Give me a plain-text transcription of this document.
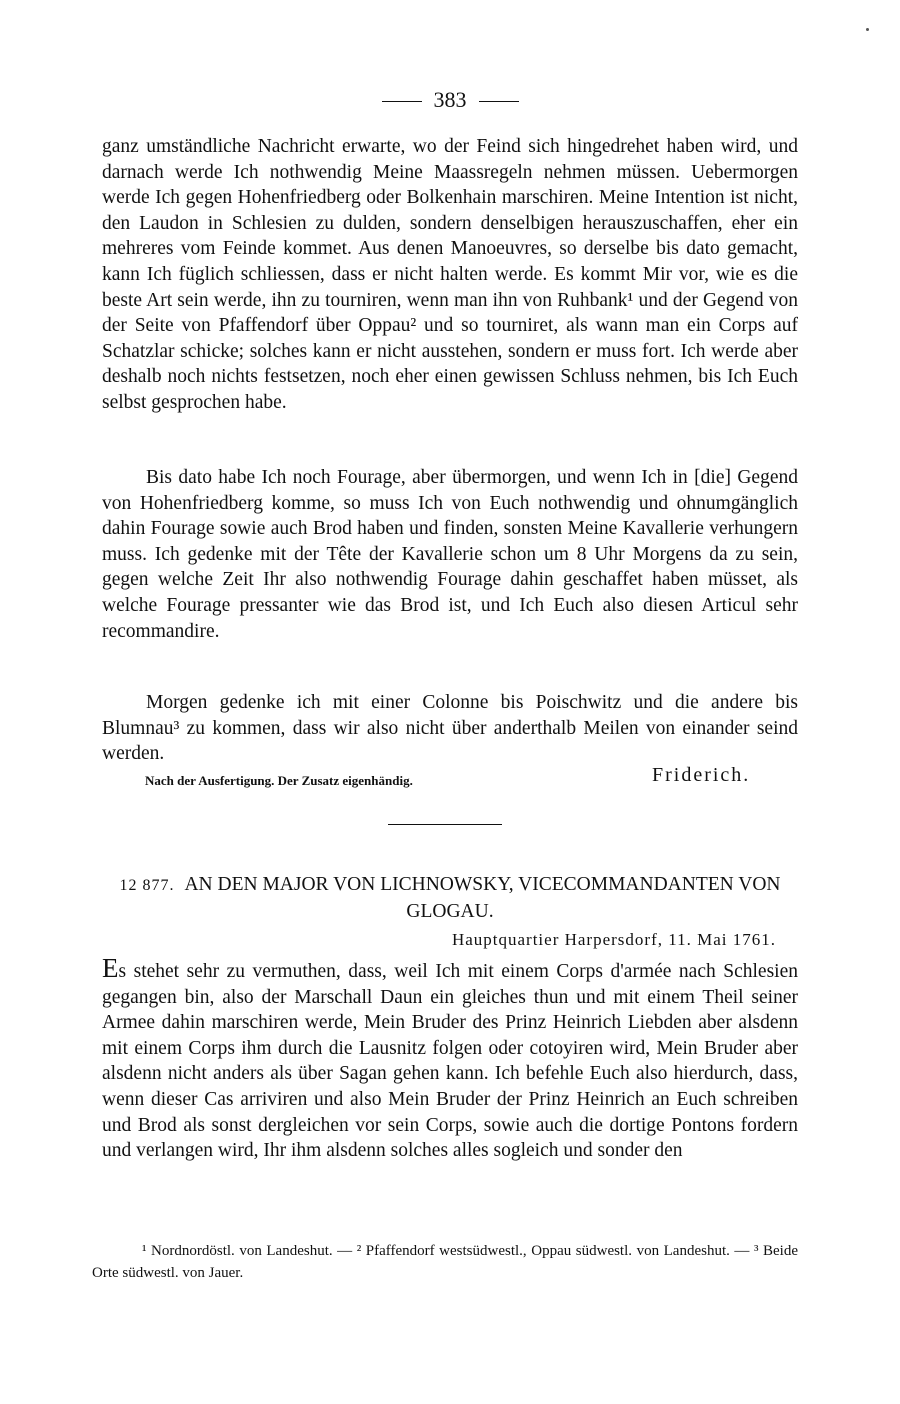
383

ganz umständliche Nachricht erwarte, wo der Feind sich hingedrehet haben wird, und darnach werde Ich nothwendig Meine Maassregeln nehmen müssen. Uebermorgen werde Ich gegen Hohenfriedberg oder Bolkenhain marschiren. Meine Intention ist nicht, den Laudon in Schlesien zu dulden, sondern denselbigen herauszuschaffen, eher ein mehreres vom Feinde kommet. Aus denen Manoeuvres, so derselbe bis dato gemacht, kann Ich füglich schliessen, dass er nicht halten werde. Es kommt Mir vor, wie es die beste Art sein werde, ihn zu tourniren, wenn man ihn von Ruhbank¹ und der Gegend von der Seite von Pfaffendorf über Oppau² und so tourniret, als wann man ein Corps auf Schatzlar schicke; solches kann er nicht ausstehen, sondern er muss fort. Ich werde aber deshalb noch nichts festsetzen, noch eher einen gewissen Schluss nehmen, bis Ich Euch selbst gesprochen habe.

Bis dato habe Ich noch Fourage, aber übermorgen, und wenn Ich in [die] Gegend von Hohenfriedberg komme, so muss Ich von Euch nothwendig und ohnumgänglich dahin Fourage sowie auch Brod haben und finden, sonsten Meine Kavallerie verhungern muss. Ich gedenke mit der Tête der Kavallerie schon um 8 Uhr Morgens da zu sein, gegen welche Zeit Ihr also nothwendig Fourage dahin geschaffet haben müsset, als welche Fourage pressanter wie das Brod ist, und Ich Euch also diesen Articul sehr recommandire.

Morgen gedenke ich mit einer Colonne bis Poischwitz und die andere bis Blumnau³ zu kommen, dass wir also nicht über anderthalb Meilen von einander seind werden.

Nach der Ausfertigung. Der Zusatz eigenhändig.	Friderich.
12 877. AN DEN MAJOR VON LICHNOWSKY, VICECOMMANDANTEN VON GLOGAU.
Hauptquartier Harpersdorf, 11. Mai 1761.

Es stehet sehr zu vermuthen, dass, weil Ich mit einem Corps d'armée nach Schlesien gegangen bin, also der Marschall Daun ein gleiches thun und mit einem Theil seiner Armee dahin marschiren werde, Mein Bruder des Prinz Heinrich Liebden aber alsdenn mit einem Corps ihm durch die Lausnitz folgen oder cotoyiren wird, Mein Bruder aber alsdenn nicht anders als über Sagan gehen kann. Ich befehle Euch also hierdurch, dass, wenn dieser Cas arriviren und also Mein Bruder der Prinz Heinrich an Euch schreiben und Brod als sonst dergleichen vor sein Corps, sowie auch die dortige Pontons fordern und verlangen wird, Ihr ihm alsdenn solches alles sogleich und sonder den

¹ Nordnordöstl. von Landeshut. — ² Pfaffendorf westsüdwestl., Oppau südwestl. von Landeshut. — ³ Beide Orte südwestl. von Jauer.
